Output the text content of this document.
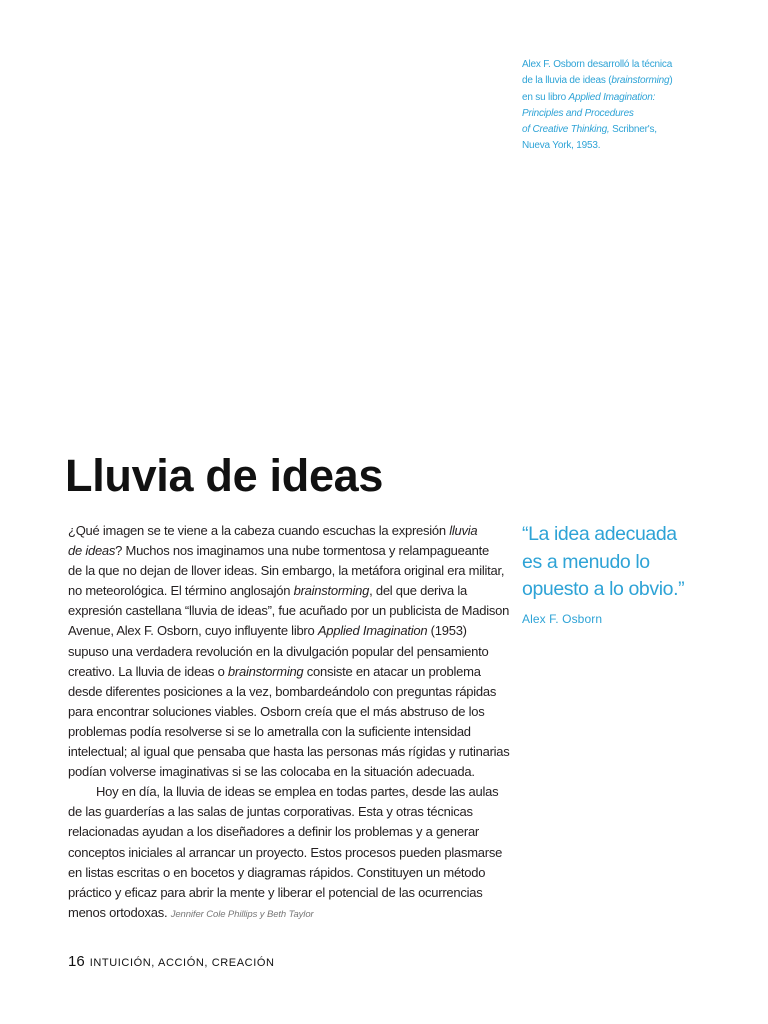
Alex F. Osborn desarrolló la técnica
de la lluvia de ideas (brainstorming)
en su libro Applied Imagination:
Principles and Procedures
of Creative Thinking, Scribner's,
Nueva York, 1953.
Lluvia de ideas
¿Qué imagen se te viene a la cabeza cuando escuchas la expresión lluvia
de ideas? Muchos nos imaginamos una nube tormentosa y relampagueante
de la que no dejan de llover ideas. Sin embargo, la metáfora original era militar,
no meteorológica. El término anglosajón brainstorming, del que deriva la
expresión castellana “lluvia de ideas”, fue acuñado por un publicista de Madison
Avenue, Alex F. Osborn, cuyo influyente libro Applied Imagination (1953)
supuso una verdadera revolución en la divulgación popular del pensamiento
creativo. La lluvia de ideas o brainstorming consiste en atacar un problema
desde diferentes posiciones a la vez, bombardeándolo con preguntas rápidas
para encontrar soluciones viables. Osborn creía que el más abstruso de los
problemas podía resolverse si se lo ametralla con la suficiente intensidad
intelectual; al igual que pensaba que hasta las personas más rígidas y rutinarias
podían volverse imaginativas si se las colocaba en la situación adecuada.
Hoy en día, la lluvia de ideas se emplea en todas partes, desde las aulas
de las guarderías a las salas de juntas corporativas. Esta y otras técnicas
relacionadas ayudan a los diseñadores a definir los problemas y a generar
conceptos iniciales al arrancar un proyecto. Estos procesos pueden plasmarse
en listas escritas o en bocetos y diagramas rápidos. Constituyen un método
práctico y eficaz para abrir la mente y liberar el potencial de las ocurrencias
menos ortodoxas. Jennifer Cole Phillips y Beth Taylor
“La idea adecuada
es a menudo lo
opuesto a lo obvio.”
Alex F. Osborn
16 INTUICIÓN, ACCIÓN, CREACIÓN
